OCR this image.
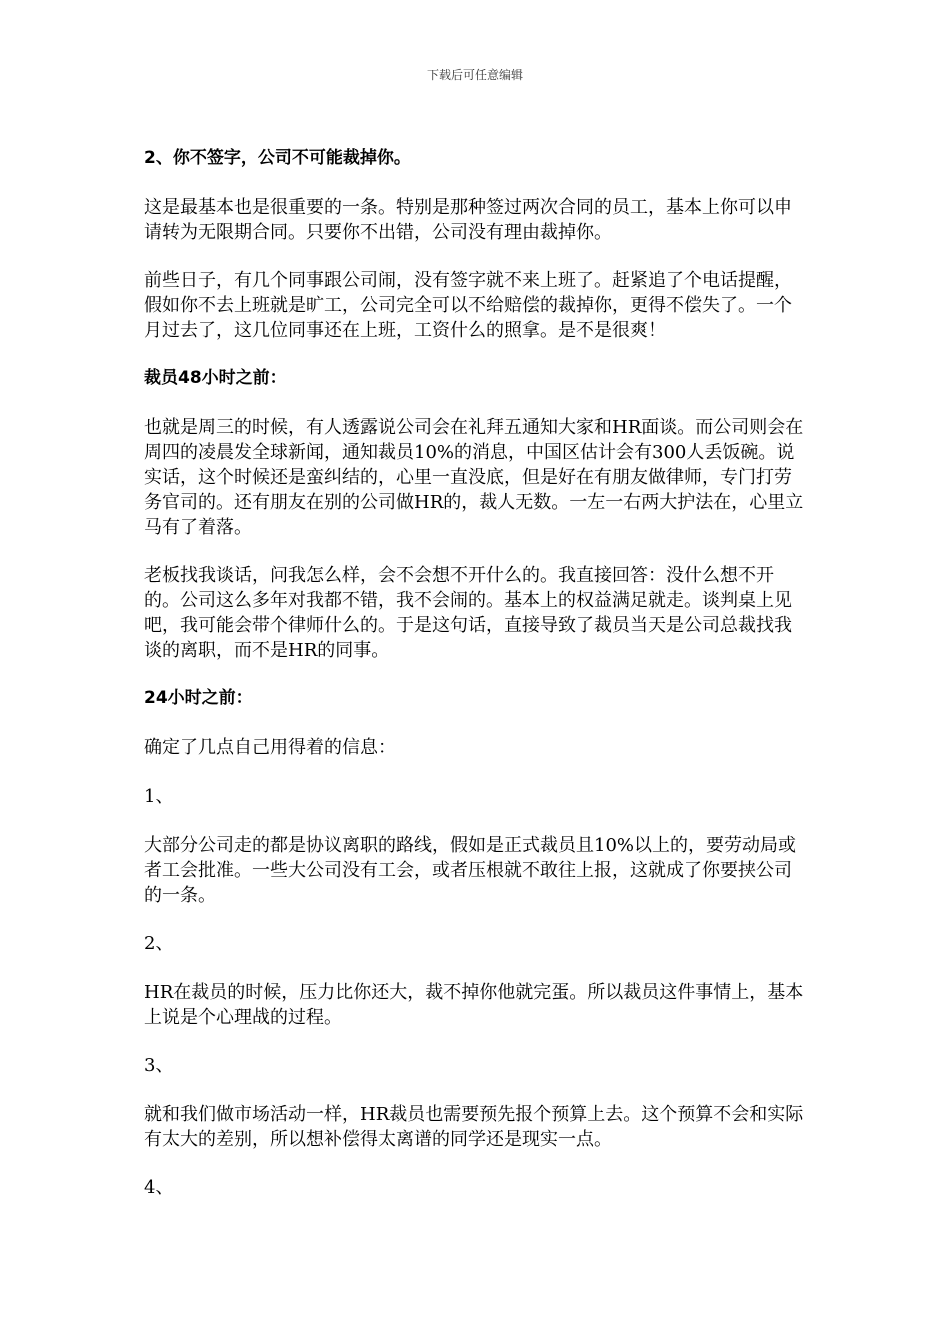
下载后可任意编辑

2、你不签字，公司不可能裁掉你。

这是最基本也是很重要的一条。特别是那种签过两次合同的员工，基本上你可以申请转为无限期合同。只要你不出错，公司没有理由裁掉你。

前些日子，有几个同事跟公司闹，没有签字就不来上班了。赶紧追了个电话提醒，假如你不去上班就是旷工，公司完全可以不给赔偿的裁掉你，更得不偿失了。一个月过去了，这几位同事还在上班，工资什么的照拿。是不是很爽！

裁员48小时之前：

也就是周三的时候，有人透露说公司会在礼拜五通知大家和HR面谈。而公司则会在周四的凌晨发全球新闻，通知裁员10%的消息，中国区估计会有300人丢饭碗。说实话，这个时候还是蛮纠结的，心里一直没底，但是好在有朋友做律师，专门打劳务官司的。还有朋友在别的公司做HR的，裁人无数。一左一右两大护法在，心里立马有了着落。

老板找我谈话，问我怎么样，会不会想不开什么的。我直接回答：没什么想不开的。公司这么多年对我都不错，我不会闹的。基本上的权益满足就走。谈判桌上见吧，我可能会带个律师什么的。于是这句话，直接导致了裁员当天是公司总裁找我谈的离职，而不是HR的同事。

24小时之前：

确定了几点自己用得着的信息：

1、

大部分公司走的都是协议离职的路线，假如是正式裁员且10%以上的，要劳动局或者工会批准。一些大公司没有工会，或者压根就不敢往上报，这就成了你要挟公司的一条。

2、

HR在裁员的时候，压力比你还大，裁不掉你他就完蛋。所以裁员这件事情上，基本上说是个心理战的过程。

3、

就和我们做市场活动一样，HR裁员也需要预先报个预算上去。这个预算不会和实际有太大的差别，所以想补偿得太离谱的同学还是现实一点。

4、
